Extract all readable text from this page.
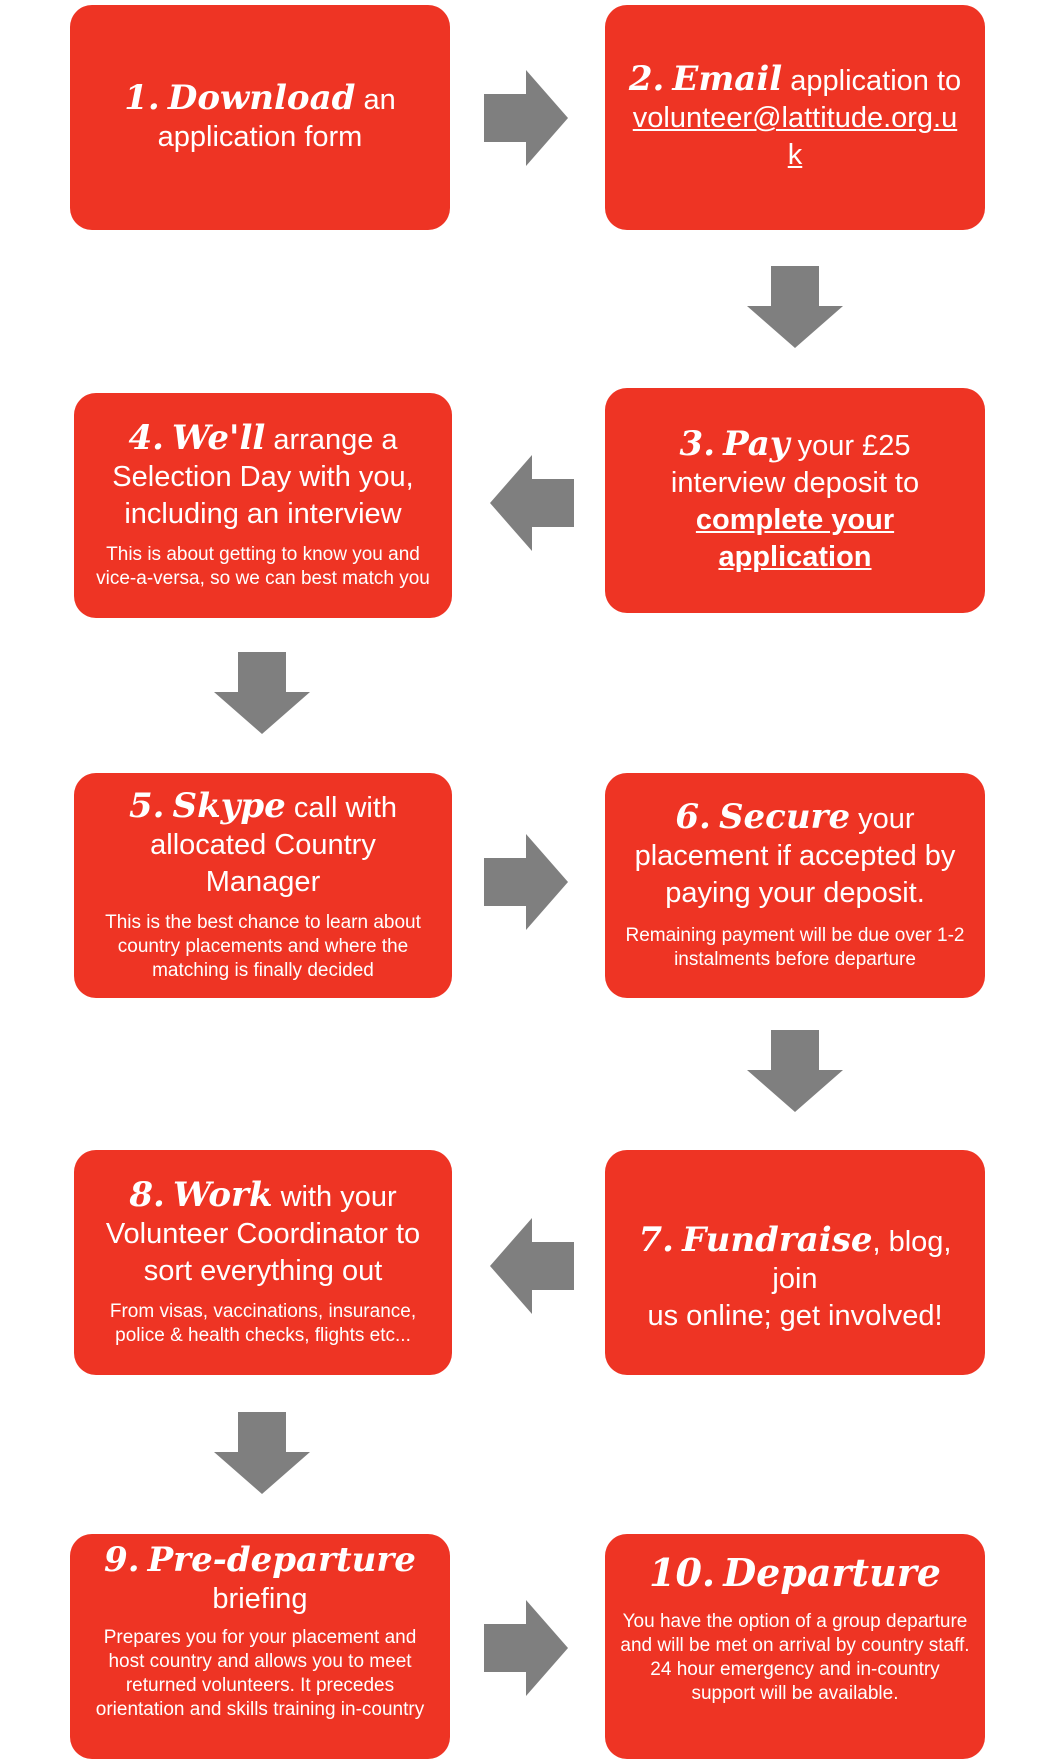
1. Download an
application form

2. Email application to

volunteer@lattitude.org.uk

3. Pay your £25
interview deposit to

complete your application

4. We'll arrange a
Selection Day with you, including an interview

This is about getting to know you and vice-a-versa, so we can best match you

5. Skype call with
allocated Country Manager

This is the best chance to learn about country placements and where the matching is finally decided

6. Secure your
placement if accepted by paying your deposit.

Remaining payment will be due over 1-2 instalments before departure

7. Fundraise, blog, join
us online; get involved!

8. Work with your
Volunteer Coordinator to sort everything out

From visas, vaccinations, insurance, police & health checks, flights etc...

9. Pre-departure
briefing

Prepares you for your placement and host country and allows you to meet returned volunteers. It precedes orientation and skills training in-country

10. Departure

You have the option of a group departure and will be met on arrival by country staff. 24 hour emergency and in-country support will be available.
